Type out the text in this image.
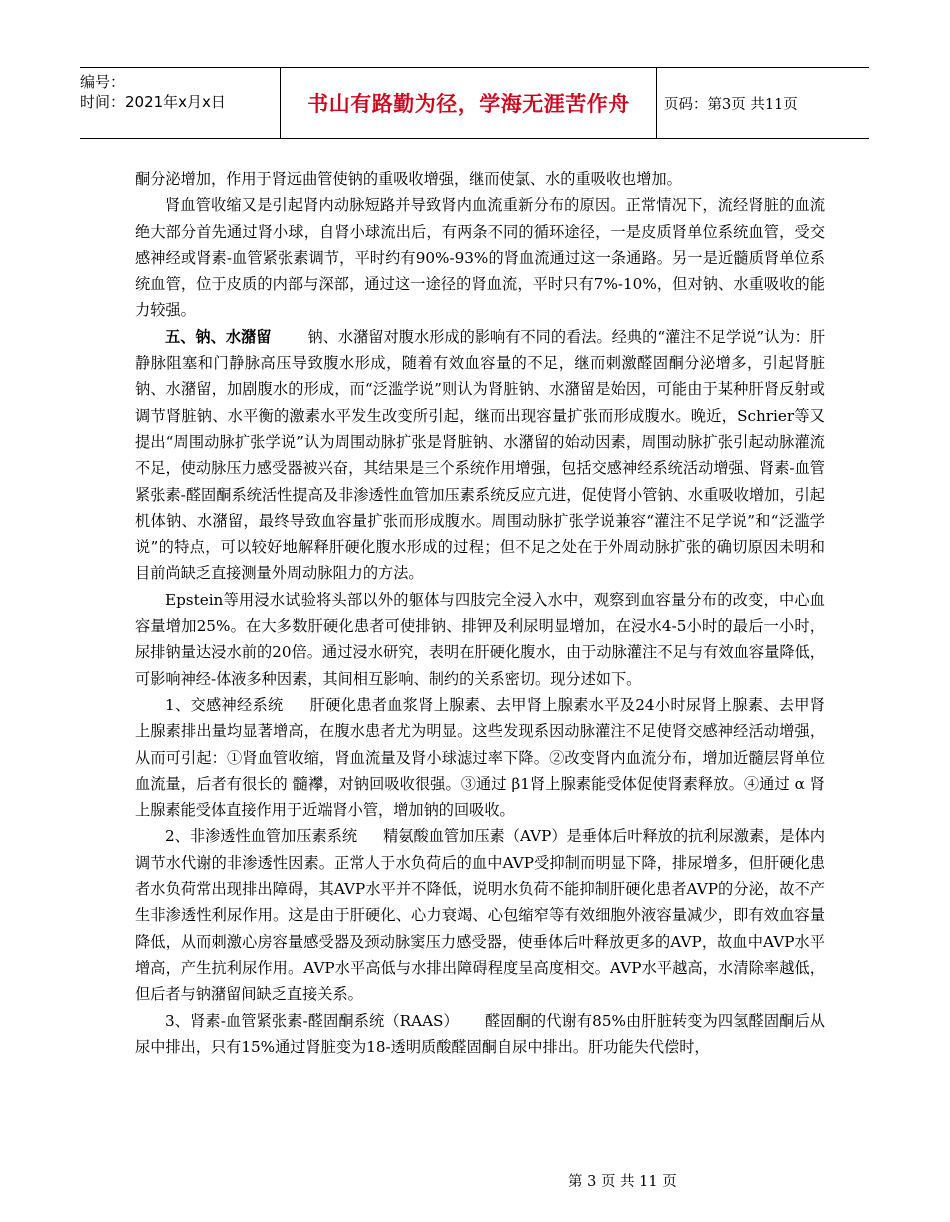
编号：
时间：2021年x月x日	书山有路勤为径，学海无涯苦作舟 页码：第3页 共11页

酮分泌增加，作用于肾远曲管使钠的重吸收增强，继而使氯、水的重吸收也增加。

肾血管收缩又是引起肾内动脉短路并导致肾内血流重新分布的原因。正常情况下，流经肾脏的血流绝大部分首先通过肾小球，自肾小球流出后，有两条不同的循环途径，一是皮质肾单位系统血管，受交感神经或肾素-血管紧张素调节，平时约有90%-93%的肾血流通过这一条通路。另一是近髓质肾单位系统血管，位于皮质的内部与深部，通过这一途径的肾血流，平时只有7%-10%，但对钠、水重吸收的能力较强。

五、钠、水潴留 钠、水潴留对腹水形成的影响有不同的看法。经典的“灌注不足学说”认为：肝静脉阻塞和门静脉高压导致腹水形成，随着有效血容量的不足，继而刺激醛固酮分泌增多，引起肾脏钠、水潴留，加剧腹水的形成，而“泛滥学说”则认为肾脏钠、水潴留是始因，可能由于某种肝肾反射或调节肾脏钠、水平衡的激素水平发生改变所引起，继而出现容量扩张而形成腹水。晚近，Schrier等又提出“周围动脉扩张学说”认为周围动脉扩张是肾脏钠、水潴留的始动因素，周围动脉扩张引起动脉灌流不足，使动脉压力感受器被兴奋，其结果是三个系统作用增强，包括交感神经系统活动增强、肾素-血管紧张素-醛固酮系统活性提高及非渗透性血管加压素系统反应亢进，促使肾小管钠、水重吸收增加，引起机体钠、水潴留，最终导致血容量扩张而形成腹水。周围动脉扩张学说兼容“灌注不足学说”和“泛滥学说”的特点，可以较好地解释肝硬化腹水形成的过程；但不足之处在于外周动脉扩张的确切原因未明和目前尚缺乏直接测量外周动脉阻力的方法。

Epstein等用浸水试验将头部以外的躯体与四肢完全浸入水中，观察到血容量分布的改变，中心血容量增加25%。在大多数肝硬化患者可使排钠、排钾及利尿明显增加，在浸水4-5小时的最后一小时，尿排钠量达浸水前的20倍。通过浸水研究，表明在肝硬化腹水，由于动脉灌注不足与有效血容量降低，可影响神经-体液多种因素，其间相互影响、制约的关系密切。现分述如下。

1、交感神经系统 肝硬化患者血浆肾上腺素、去甲肾上腺素水平及24小时尿肾上腺素、去甲肾上腺素排出量均显著增高，在腹水患者尤为明显。这些发现系因动脉灌注不足使肾交感神经活动增强，从而可引起：①肾血管收缩，肾血流量及肾小球滤过率下降。②改变肾内血流分布，增加近髓层肾单位血流量，后者有很长的 髓襻，对钠回吸收很强。③通过 β1肾上腺素能受体促使肾素释放。④通过 α 肾上腺素能受体直接作用于近端肾小管，增加钠的回吸收。

2、非渗透性血管加压素系统 精氨酸血管加压素（AVP）是垂体后叶释放的抗利尿激素，是体内调节水代谢的非渗透性因素。正常人于水负荷后的血中AVP受抑制而明显下降，排尿增多，但肝硬化患者水负荷常出现排出障碍，其AVP水平并不降低，说明水负荷不能抑制肝硬化患者AVP的分泌，故不产生非渗透性利尿作用。这是由于肝硬化、心力衰竭、心包缩窄等有效细胞外液容量减少，即有效血容量降低，从而刺激心房容量感受器及颈动脉窦压力感受器，使垂体后叶释放更多的AVP，故血中AVP水平增高，产生抗利尿作用。AVP水平高低与水排出障碍程度呈高度相交。AVP水平越高，水清除率越低，但后者与钠潴留间缺乏直接关系。

3、肾素-血管紧张素-醛固酮系统（RAAS） 醛固酮的代谢有85%由肝脏转变为四氢醛固酮后从尿中排出，只有15%通过肾脏变为18-透明质酸醛固酮自尿中排出。肝功能失代偿时，

第 3 页 共 11 页
